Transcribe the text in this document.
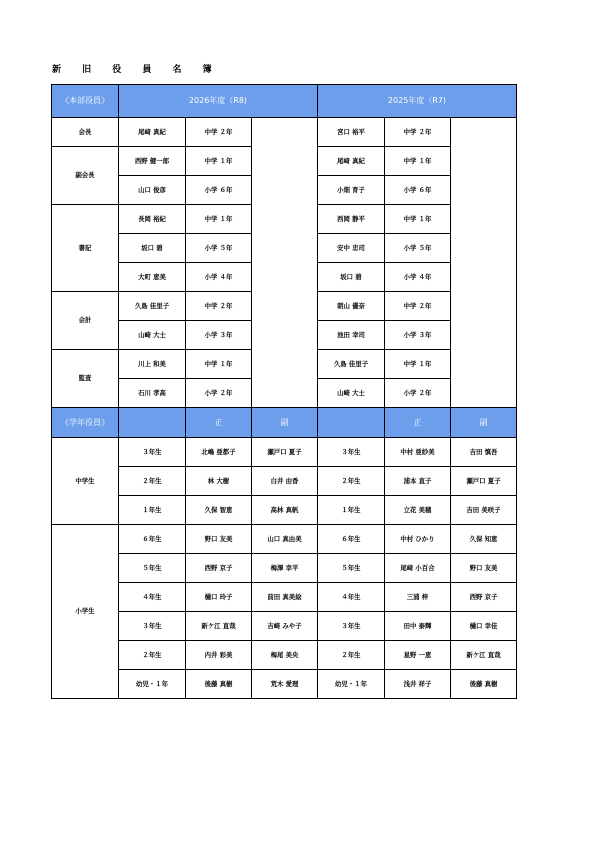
新 旧 役 員 名 簿
《本部役員》	2026年度（R8)			2025年度（R7)		
会長	尾﨑 真紀	中学 ２年		宮口 裕平	中学 ２年	
副会長	西野 健一郎	中学 １年		尾﨑 真紀	中学 １年	
	山口 俊彦	小学 ６年		小畑 育子	小学 ６年	
書記	長岡 裕紀	中学 １年		西岡 静平	中学 １年	
	坂口 碧	小学 ５年		安中 忠司	小学 ５年	
	大町 恵美	小学 ４年		坂口 碧	小学 ４年	
会計	久島 佳里子	中学 ２年		朝山 優奈	中学 ２年	
	山崎 大士	小学 ３年		池田 幸司	小学 ３年	
監査	川上 和美	中学 １年		久島 佳里子	中学 １年	
	石川 孝高	小学 ２年		山崎 大士	小学 ２年	
《学年役員》		正	副		正	副
中学生	３年生	北嶋 亜都子	瀬戸口 夏子	３年生	中村 亜紗美	吉田 慎吾
	２年生	林 大樹	白井 由香	２年生	浦本 直子	瀬戸口 夏子
	１年生	久保 智恵	高林 真帆	１年生	立花 美穂	吉田 美咲子
小学生	６年生	野口 友美	山口 真由美	６年生	中村 ひかり	久保 知恵
	５年生	西野 京子	梅澤 幸平	５年生	尾﨑 小百合	野口 友美
	４年生	樋口 玲子	前田 真美絵	４年生	三浦 梓	西野 京子
	３年生	新ケ江 直哉	吉崎 みや子	３年生	田中 泰輝	樋口 幸佳
	２年生	内井 彩美	梅尾 美央	２年生	星野 一恵	新ケ江 直哉
	幼児・１年	後藤 真樹	荒木 愛理	幼児・１年	浅井 祥子	後藤 真樹
